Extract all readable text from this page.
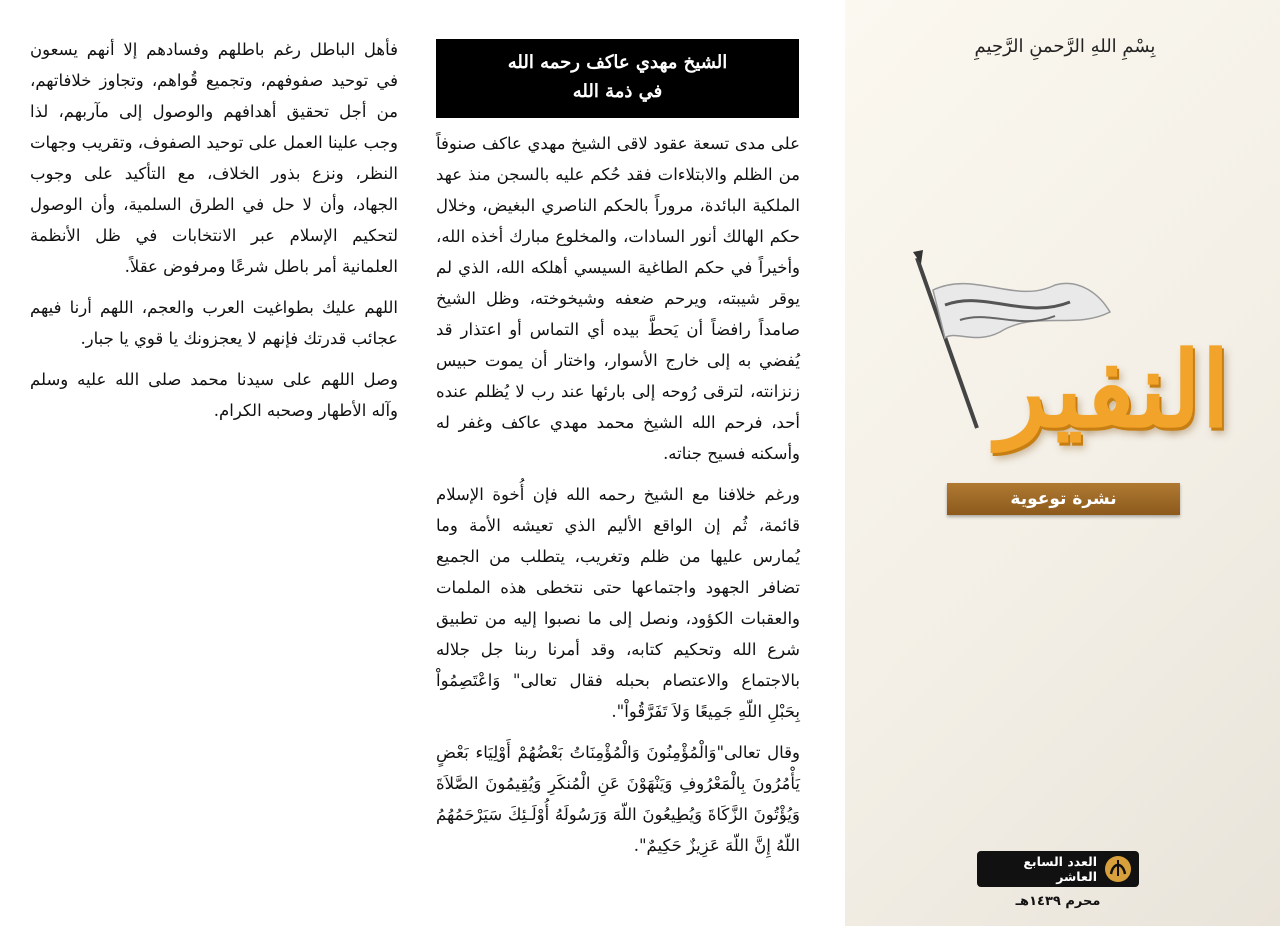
الشيخ مهدي عاكف رحمه الله
في ذمة الله

على مدى تسعة عقود لاقى الشيخ مهدي عاكف صنوفاً من الظلم والابتلاءات فقد حُكم عليه بالسجن منذ عهد الملكية البائدة، مروراً بالحكم الناصري البغيض، وخلال حكم الهالك أنور السادات، والمخلوع مبارك أخذه الله، وأخيراً في حكم الطاغية السيسي أهلكه الله، الذي لم يوقر شيبته، ويرحم ضعفه وشيخوخته، وظل الشيخ صامداً رافضاً أن يَحطَّ بيده أي التماس أو اعتذار قد يُفضي به إلى خارج الأسوار، واختار أن يموت حبيس زنزانته، لترقى رُوحه إلى بارئها عند رب لا يُظلم عنده أحد، فرحم الله الشيخ محمد مهدي عاكف وغفر له وأسكنه فسيح جناته.

ورغم خلافنا مع الشيخ رحمه الله فإن أُخوة الإسلام قائمة، ثُم إن الواقع الأليم الذي تعيشه الأمة وما يُمارس عليها من ظلم وتغريب، يتطلب من الجميع تضافر الجهود واجتماعها حتى نتخطى هذه الملمات والعقبات الكؤود، ونصل إلى ما نصبوا إليه من تطبيق شرع الله وتحكيم كتابه، وقد أمرنا ربنا جل جلاله بالاجتماع والاعتصام بحبله فقال تعالى" وَاعْتَصِمُواْ بِحَبْلِ اللّهِ جَمِيعًا وَلاَ تَفَرَّقُواْ".

وقال تعالى"وَالْمُؤْمِنُونَ وَالْمُؤْمِنَاتُ بَعْضُهُمْ أَوْلِيَاء بَعْضٍ يَأْمُرُونَ بِالْمَعْرُوفِ وَيَنْهَوْنَ عَنِ الْمُنكَرِ وَيُقِيمُونَ الصَّلاَةَ وَيُؤْتُونَ الزَّكَاةَ وَيُطِيعُونَ اللّهَ وَرَسُولَهُ أُوْلَـئِكَ سَيَرْحَمُهُمُ اللّهُ إِنَّ اللّهَ عَزِيزٌ حَكِيمٌ".

فأهل الباطل رغم باطلهم وفسادهم إلا أنهم يسعون في توحيد صفوفهم، وتجميع قُواهم، وتجاوز خلافاتهم، من أجل تحقيق أهدافهم والوصول إلى مآربهم، لذا وجب علينا العمل على توحيد الصفوف، وتقريب وجهات النظر، ونزع بذور الخلاف، مع التأكيد على وجوب الجهاد، وأن لا حل في الطرق السلمية، وأن الوصول لتحكيم الإسلام عبر الانتخابات في ظل الأنظمة العلمانية أمر باطل شرعًا ومرفوض عقلاً.

اللهم عليك بطواغيت العرب والعجم، اللهم أرنا فيهم عجائب قدرتك فإنهم لا يعجزونك يا قوي يا جبار.

وصل اللهم على سيدنا محمد صلى الله عليه وسلم وآله الأطهار وصحبه الكرام.

بِسْمِ اللهِ الرَّحمنِ الرَّحِيمِ
النفير
نشرة توعوية
العدد السابع العاشر
محرم ١٤٣٩هـ
